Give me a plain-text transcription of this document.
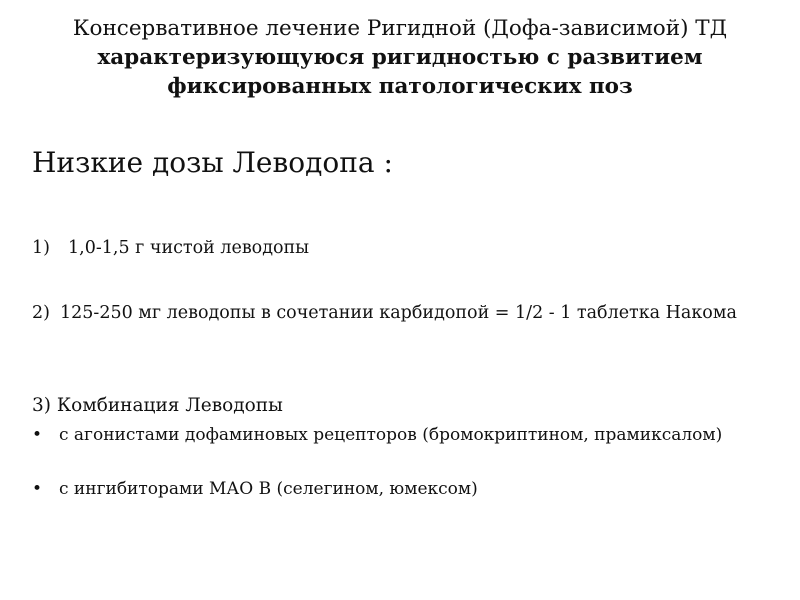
Консервативное лечение Ригидной (Дофа-зависимой) ТД
характеризующуюся ригидностью с развитием
фиксированных патологических поз
Низкие дозы Леводопа :
1)	1,0-1,5 г чистой леводопы
2) 125-250 мг леводопы в сочетании карбидопой = 1/2 - 1 таблетка Накома
3) Комбинация Леводопы
• с агонистами дофаминовых рецепторов (бромокриптином, прамиксалом)
• с ингибиторами МАО В (селегином, юмексом)
